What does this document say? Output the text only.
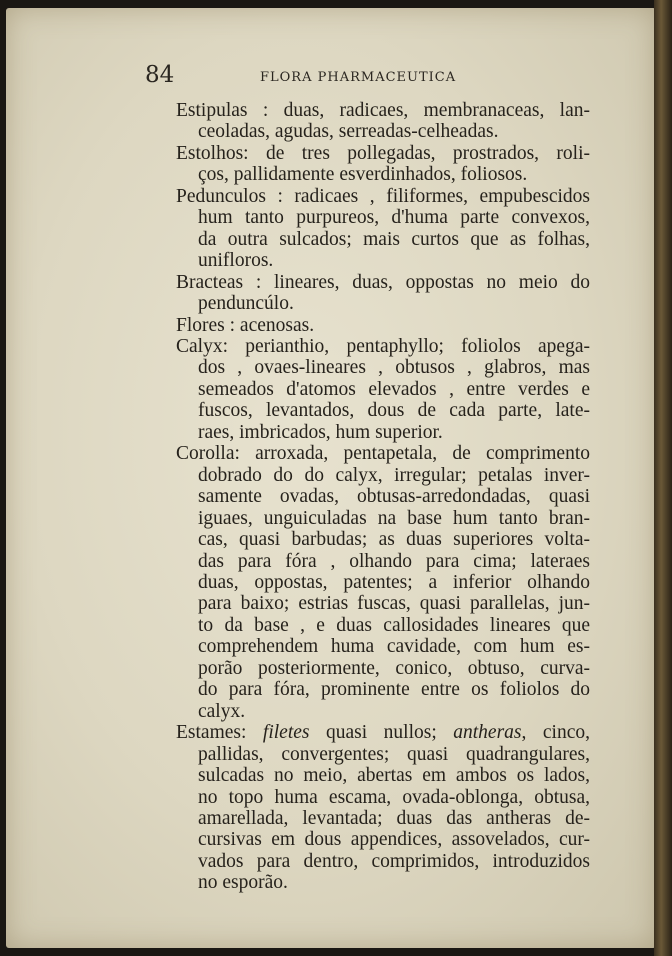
84	FLORA PHARMACEUTICA
Estipulas : duas, radicaes, membranaceas, lan-
ceoladas, agudas, serreadas-celheadas.
Estolhos: de tres pollegadas, prostrados, roli-
ços, pallidamente esverdinhados, foliosos.
Pedunculos : radicaes , filiformes, empubescidos
hum tanto purpureos, d'huma parte convexos,
da outra sulcados; mais curtos que as folhas,
unifloros.
Bracteas : lineares, duas, oppostas no meio do
penduncúlo.
Flores : acenosas.
Calyx: perianthio, pentaphyllo; foliolos apega-
dos , ovaes-lineares , obtusos , glabros, mas
semeados d'atomos elevados , entre verdes e
fuscos, levantados, dous de cada parte, late-
raes, imbricados, hum superior.
Corolla: arroxada, pentapetala, de comprimento
dobrado do do calyx, irregular; petalas inver-
samente ovadas, obtusas-arredondadas, quasi
iguaes, unguiculadas na base hum tanto bran-
cas, quasi barbudas; as duas superiores volta-
das para fóra , olhando para cima; lateraes
duas, oppostas, patentes; a inferior olhando
para baixo; estrias fuscas, quasi parallelas, jun-
to da base , e duas callosidades lineares que
comprehendem huma cavidade, com hum es-
porão posteriormente, conico, obtuso, curva-
do para fóra, prominente entre os foliolos do
calyx.
Estames: filetes quasi nullos; antheras, cinco,
pallidas, convergentes; quasi quadrangulares,
sulcadas no meio, abertas em ambos os lados,
no topo huma escama, ovada-oblonga, obtusa,
amarellada, levantada; duas das antheras de-
cursivas em dous appendices, assovelados, cur-
vados para dentro, comprimidos, introduzidos
no esporão.
